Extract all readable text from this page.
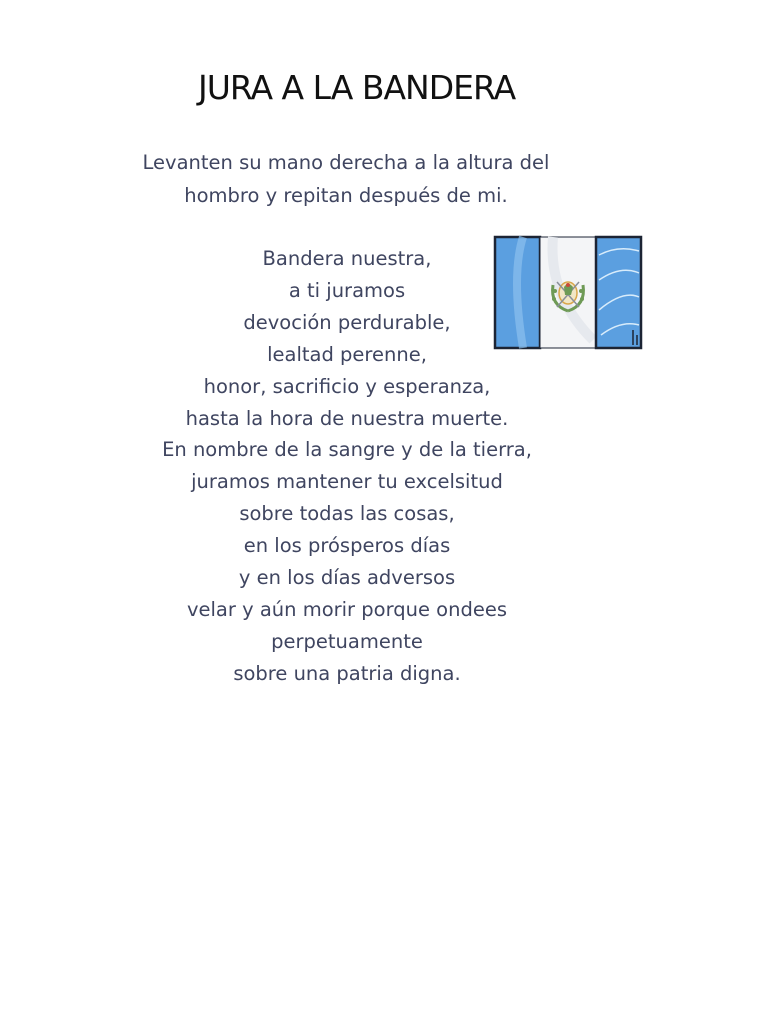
JURA A LA BANDERA

Levanten su mano derecha a la altura del
hombro y repitan después de mi.

Bandera nuestra,
a ti juramos
devoción perdurable,
lealtad perenne,
honor, sacrificio y esperanza,
hasta la hora de nuestra muerte.
En nombre de la sangre y de la tierra,
juramos mantener tu excelsitud
sobre todas las cosas,
en los prósperos días
y en los días adversos
velar y aún morir porque ondees
perpetuamente
sobre una patria digna.
